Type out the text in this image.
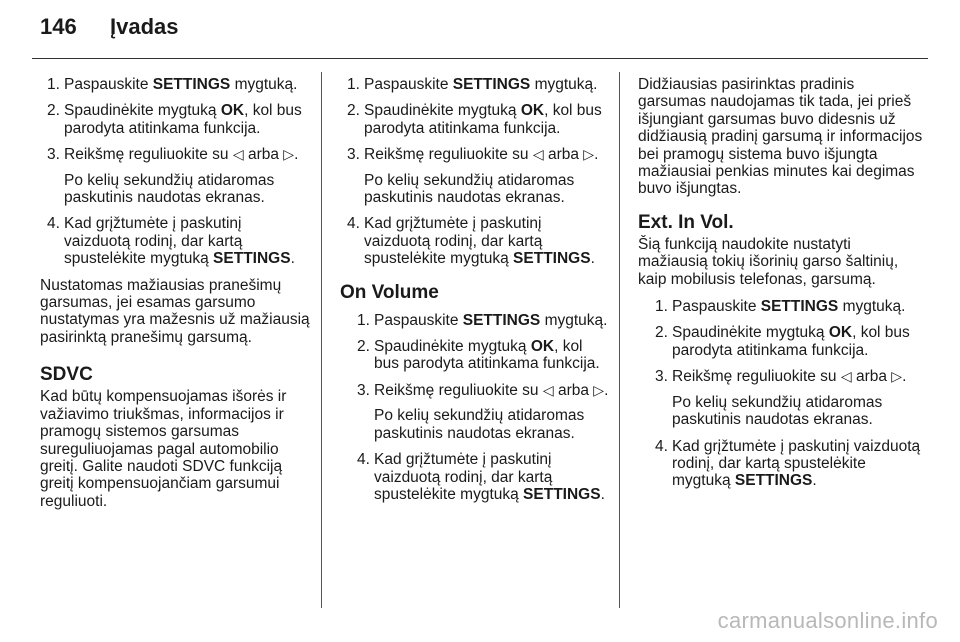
146	Įvadas
1. Paspauskite SETTINGS mygtuką.
2. Spaudinėkite mygtuką OK, kol bus parodyta atitinkama funkcija.
3. Reikšmę reguliuokite su ◁ arba ▷.
Po kelių sekundžių atidaromas paskutinis naudotas ekranas.
4. Kad grįžtumėte į paskutinį vaizduotą rodinį, dar kartą spustelėkite mygtuką SETTINGS.

Nustatomas mažiausias pranešimų garsumas, jei esamas garsumo nustatymas yra mažesnis už mažiausią pasirinktą pranešimų garsumą.

SDVC

Kad būtų kompensuojamas išorės ir važiavimo triukšmas, informacijos ir pramogų sistemos garsumas sureguliuojamas pagal automobilio greitį. Galite naudoti SDVC funkciją greitį kompensuojančiam garsumui reguliuoti.

1. Paspauskite SETTINGS mygtuką.
2. Spaudinėkite mygtuką OK, kol bus parodyta atitinkama funkcija.
3. Reikšmę reguliuokite su ◁ arba ▷.
Po kelių sekundžių atidaromas paskutinis naudotas ekranas.
4. Kad grįžtumėte į paskutinį vaizduotą rodinį, dar kartą spustelėkite mygtuką SETTINGS.
On Volume
1. Paspauskite SETTINGS mygtuką.
2. Spaudinėkite mygtuką OK, kol bus parodyta atitinkama funkcija.
3. Reikšmę reguliuokite su ◁ arba ▷.
Po kelių sekundžių atidaromas paskutinis naudotas ekranas.
4. Kad grįžtumėte į paskutinį vaizduotą rodinį, dar kartą spustelėkite mygtuką SETTINGS.

Didžiausias pasirinktas pradinis garsumas naudojamas tik tada, jei prieš išjungiant garsumas buvo didesnis už didžiausią pradinį garsumą ir informacijos bei pramogų sistema buvo išjungta mažiausiai penkias minutes kai degimas buvo išjungtas.

Ext. In Vol.

Šią funkciją naudokite nustatyti mažiausią tokių išorinių garso šaltinių, kaip mobilusis telefonas, garsumą.

1. Paspauskite SETTINGS mygtuką.
2. Spaudinėkite mygtuką OK, kol bus parodyta atitinkama funkcija.
3. Reikšmę reguliuokite su ◁ arba ▷.
Po kelių sekundžių atidaromas paskutinis naudotas ekranas.
4. Kad grįžtumėte į paskutinį vaizduotą rodinį, dar kartą spustelėkite mygtuką SETTINGS.
carmanualsonline.info
